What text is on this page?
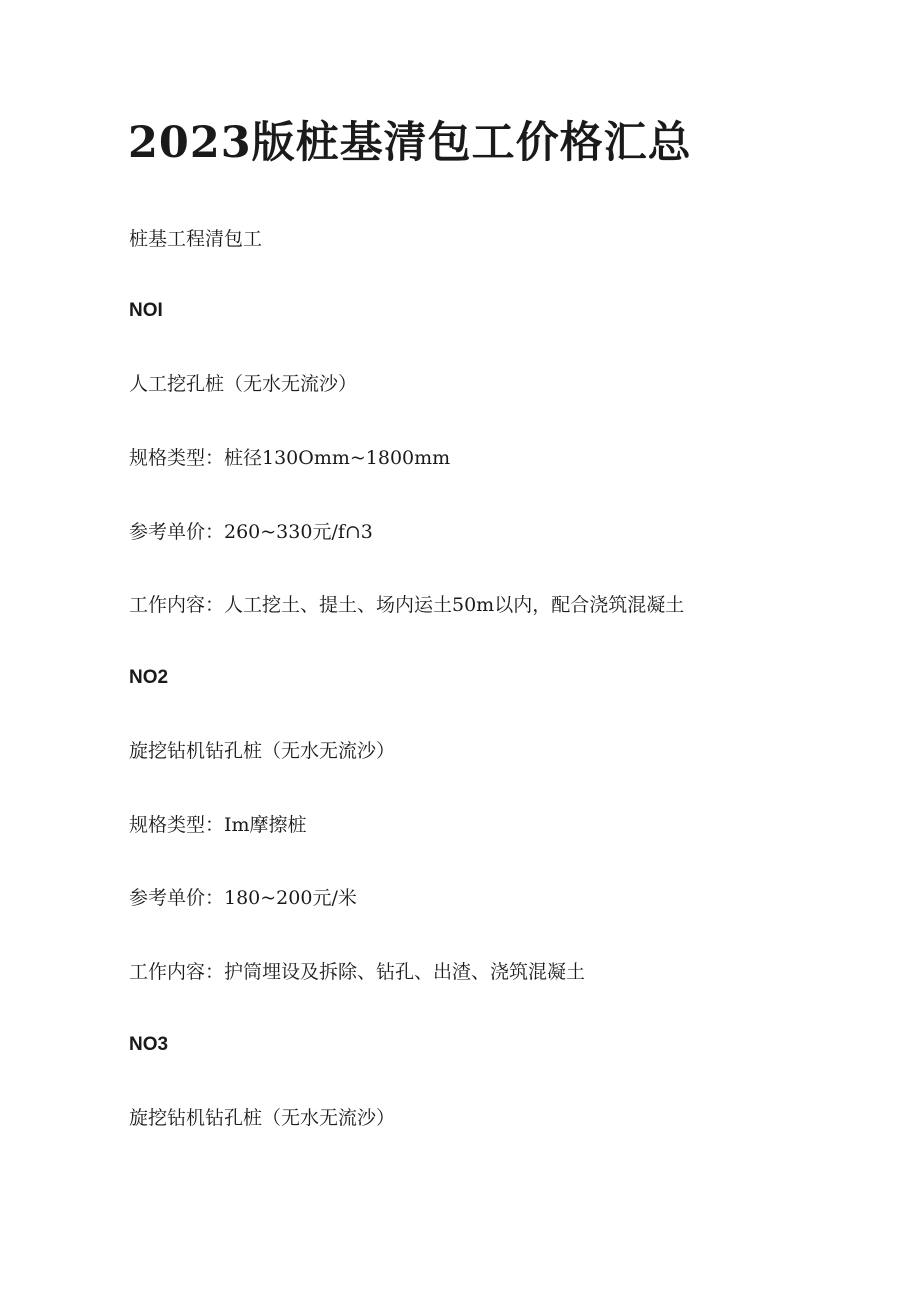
2023版桩基清包工价格汇总

桩基工程清包工

NOI

人工挖孔桩（无水无流沙）

规格类型：桩径130Omm~1800mm

参考单价：260~330元/f∩3

工作内容：人工挖土、提土、场内运土50m以内，配合浇筑混凝土

NO2

旋挖钻机钻孔桩（无水无流沙）

规格类型：Im摩擦桩

参考单价：180~200元/米

工作内容：护筒埋设及拆除、钻孔、出渣、浇筑混凝土

NO3

旋挖钻机钻孔桩（无水无流沙）
